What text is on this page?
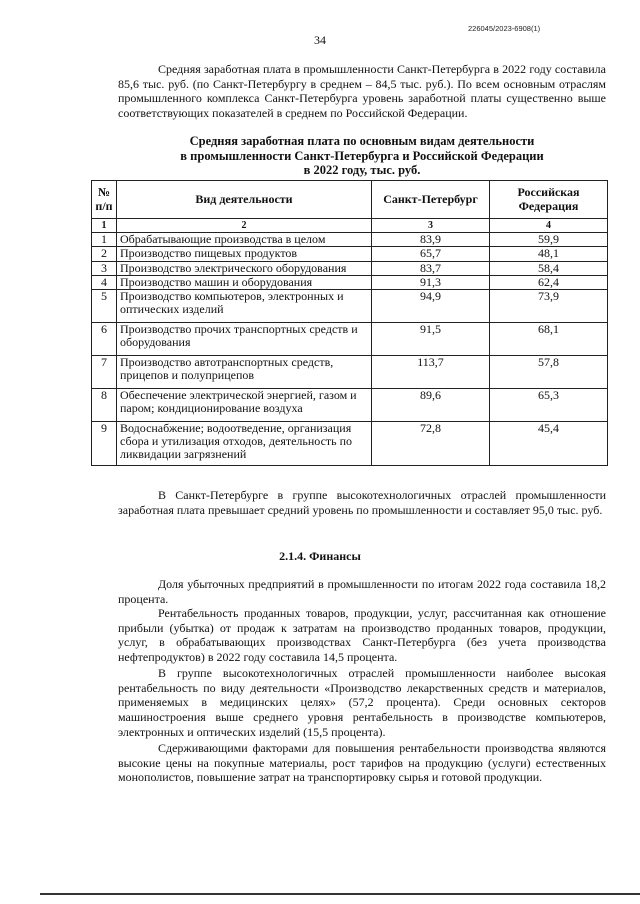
226045/2023-6908(1)
34

Средняя заработная плата в промышленности Санкт-Петербурга в 2022 году составила 85,6 тыс. руб. (по Санкт-Петербургу в среднем – 84,5 тыс. руб.). По всем основным отраслям промышленного комплекса Санкт-Петербурга уровень заработной платы существенно выше соответствующих показателей в среднем по Российской Федерации.

Средняя заработная плата по основным видам деятельности
в промышленности Санкт-Петербурга и Российской Федерации
в 2022 году, тыс. руб.
№ п/п	Вид деятельности	Санкт-Петербург	Российская Федерация
1	2	3	4
1	Обрабатывающие производства в целом	83,9	59,9
2	Производство пищевых продуктов	65,7	48,1
3	Производство электрического оборудования	83,7	58,4
4	Производство машин и оборудования	91,3	62,4
5	Производство компьютеров, электронных и оптических изделий	94,9	73,9
6	Производство прочих транспортных средств и оборудования	91,5	68,1
7	Производство автотранспортных средств, прицепов и полуприцепов	113,7	57,8
8	Обеспечение электрической энергией, газом и паром; кондиционирование воздуха	89,6	65,3
9	Водоснабжение; водоотведение, организация сбора и утилизация отходов, деятельность по ликвидации загрязнений	72,8	45,4

В Санкт-Петербурге в группе высокотехнологичных отраслей промышленности заработная плата превышает средний уровень по промышленности и составляет 95,0 тыс. руб.

2.1.4. Финансы

Доля убыточных предприятий в промышленности по итогам 2022 года составила 18,2 процента.

Рентабельность проданных товаров, продукции, услуг, рассчитанная как отношение прибыли (убытка) от продаж к затратам на производство проданных товаров, продукции, услуг, в обрабатывающих производствах Санкт-Петербурга (без учета производства нефтепродуктов) в 2022 году составила 14,5 процента.

В группе высокотехнологичных отраслей промышленности наиболее высокая рентабельность по виду деятельности «Производство лекарственных средств и материалов, применяемых в медицинских целях» (57,2 процента). Среди основных секторов машиностроения выше среднего уровня рентабельность в производстве компьютеров, электронных и оптических изделий (15,5 процента).

Сдерживающими факторами для повышения рентабельности производства являются высокие цены на покупные материалы, рост тарифов на продукцию (услуги) естественных монополистов, повышение затрат на транспортировку сырья и готовой продукции.
